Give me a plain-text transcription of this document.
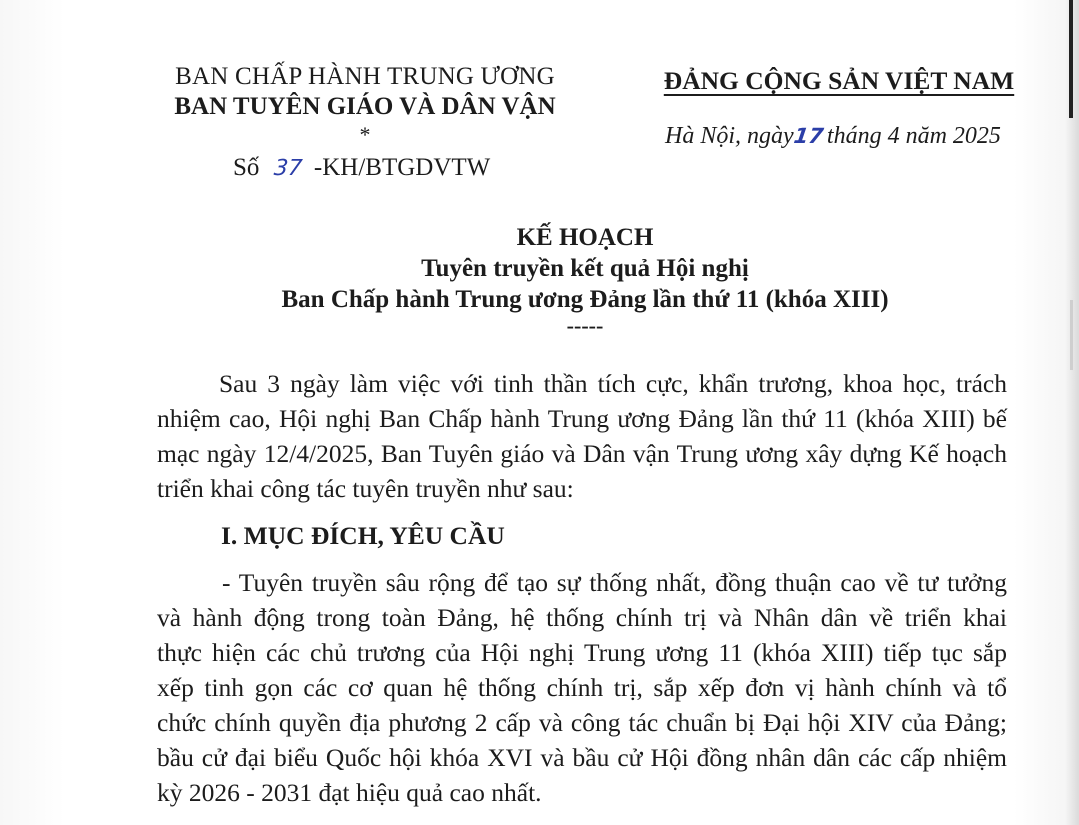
BAN CHẤP HÀNH TRUNG ƯƠNG
BAN TUYÊN GIÁO VÀ DÂN VẬN
*
Số 37 -KH/BTGDVTW
ĐẢNG CỘNG SẢN VIỆT NAM
Hà Nội, ngày17tháng 4 năm 2025
KẾ HOẠCH
Tuyên truyền kết quả Hội nghị
Ban Chấp hành Trung ương Đảng lần thứ 11 (khóa XIII)
-----
Sau 3 ngày làm việc với tinh thần tích cực, khẩn trương, khoa học, trách
nhiệm cao, Hội nghị Ban Chấp hành Trung ương Đảng lần thứ 11 (khóa XIII) bế
mạc ngày 12/4/2025, Ban Tuyên giáo và Dân vận Trung ương xây dựng Kế hoạch
triển khai công tác tuyên truyền như sau:
I. MỤC ĐÍCH, YÊU CẦU
- Tuyên truyền sâu rộng để tạo sự thống nhất, đồng thuận cao về tư tưởng
và hành động trong toàn Đảng, hệ thống chính trị và Nhân dân về triển khai
thực hiện các chủ trương của Hội nghị Trung ương 11 (khóa XIII) tiếp tục sắp
xếp tinh gọn các cơ quan hệ thống chính trị, sắp xếp đơn vị hành chính và tổ
chức chính quyền địa phương 2 cấp và công tác chuẩn bị Đại hội XIV của Đảng;
bầu cử đại biểu Quốc hội khóa XVI và bầu cử Hội đồng nhân dân các cấp nhiệm
kỳ 2026 - 2031 đạt hiệu quả cao nhất.
